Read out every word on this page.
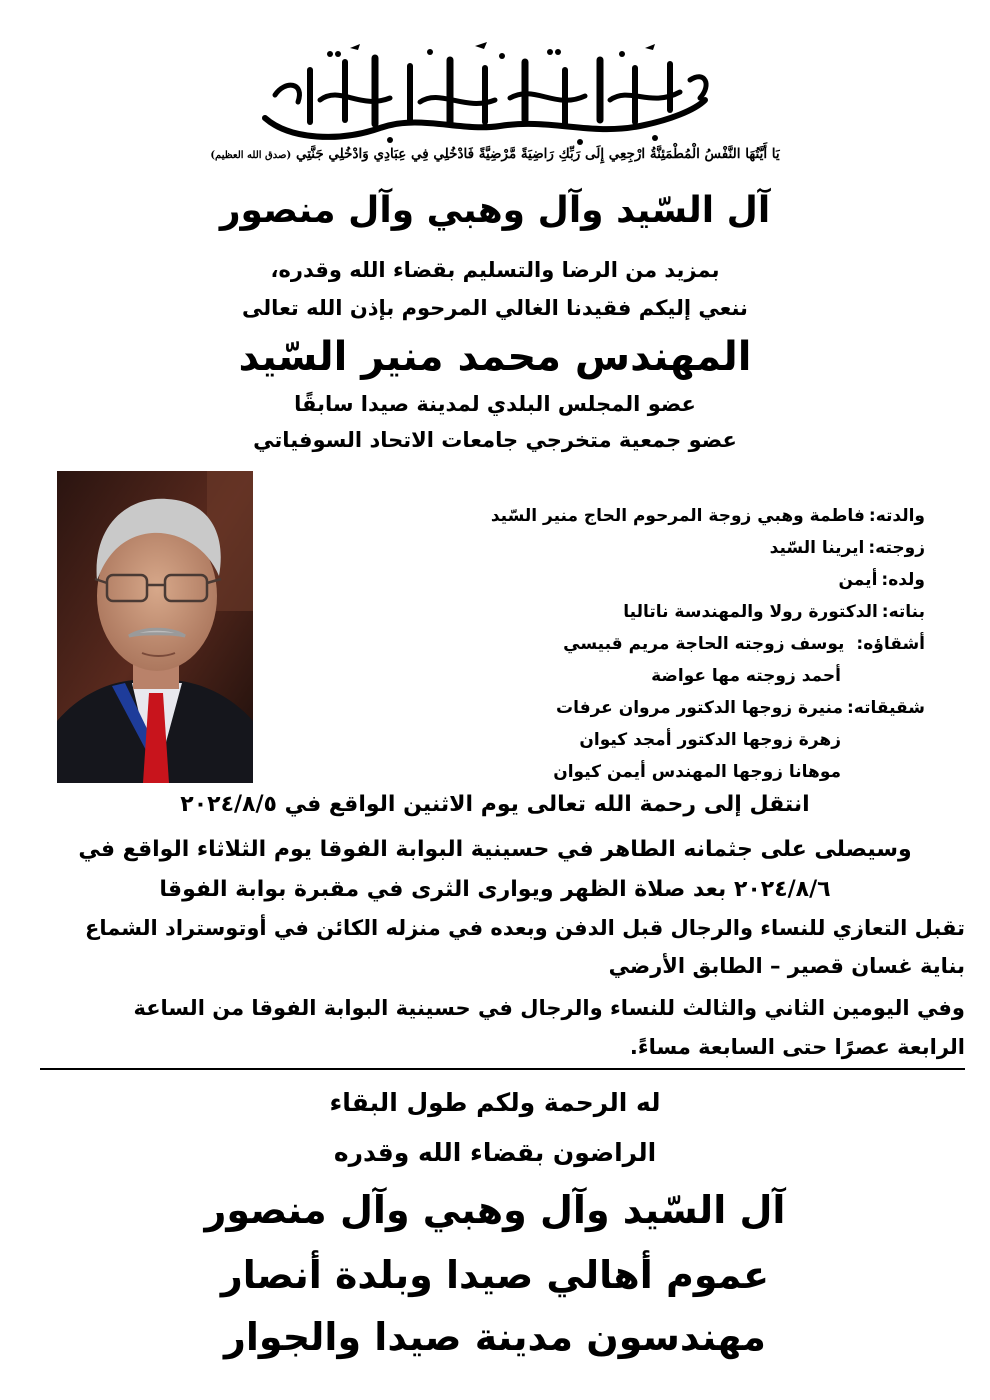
يَا أَيَّتُهَا النَّفْسُ الْمُطْمَئِنَّةُ ارْجِعِي إِلَى رَبِّكِ رَاضِيَةً مَّرْضِيَّةً فَادْخُلِي فِي عِبَادِي وَادْخُلِي جَنَّتِي (صدق الله العظيم)
آل السّيد وآل وهبي وآل منصور
بمزيد من الرضا والتسليم بقضاء الله وقدره،
ننعي إليكم فقيدنا الغالي المرحوم بإذن الله تعالى
المهندس محمد منير السّيد
عضو المجلس البلدي لمدينة صيدا سابقًا
عضو جمعية متخرجي جامعات الاتحاد السوفياتي
والدته:فاطمة وهبي زوجة المرحوم الحاج منير السّيد
زوجته:ايرينا السّيد
ولده:أيمن
بناته:الدكتورة رولا والمهندسة ناتاليا
أشقاؤه:يوسف زوجته الحاجة مريم قبيسي
أحمد زوجته مها عواضة
شقيقاته:منيرة زوجها الدكتور مروان عرفات
زهرة زوجها الدكتور أمجد كيوان
موهانا زوجها المهندس أيمن كيوان
انتقل إلى رحمة الله تعالى يوم الاثنين الواقع في ٢٠٢٤/٨/٥
وسيصلى على جثمانه الطاهر في حسينية البوابة الفوقا يوم الثلاثاء الواقع في
٢٠٢٤/٨/٦ بعد صلاة الظهر ويوارى الثرى في مقبرة بوابة الفوقا
تقبل التعازي للنساء والرجال قبل الدفن وبعده في منزله الكائن في أوتوستراد الشماع
بناية غسان قصير – الطابق الأرضي
وفي اليومين الثاني والثالث للنساء والرجال في حسينية البوابة الفوقا من الساعة
الرابعة عصرًا حتى السابعة مساءً.
له الرحمة ولكم طول البقاء
الراضون بقضاء الله وقدره
آل السّيد وآل وهبي وآل منصور
عموم أهالي صيدا وبلدة أنصار
مهندسون مدينة صيدا والجوار
